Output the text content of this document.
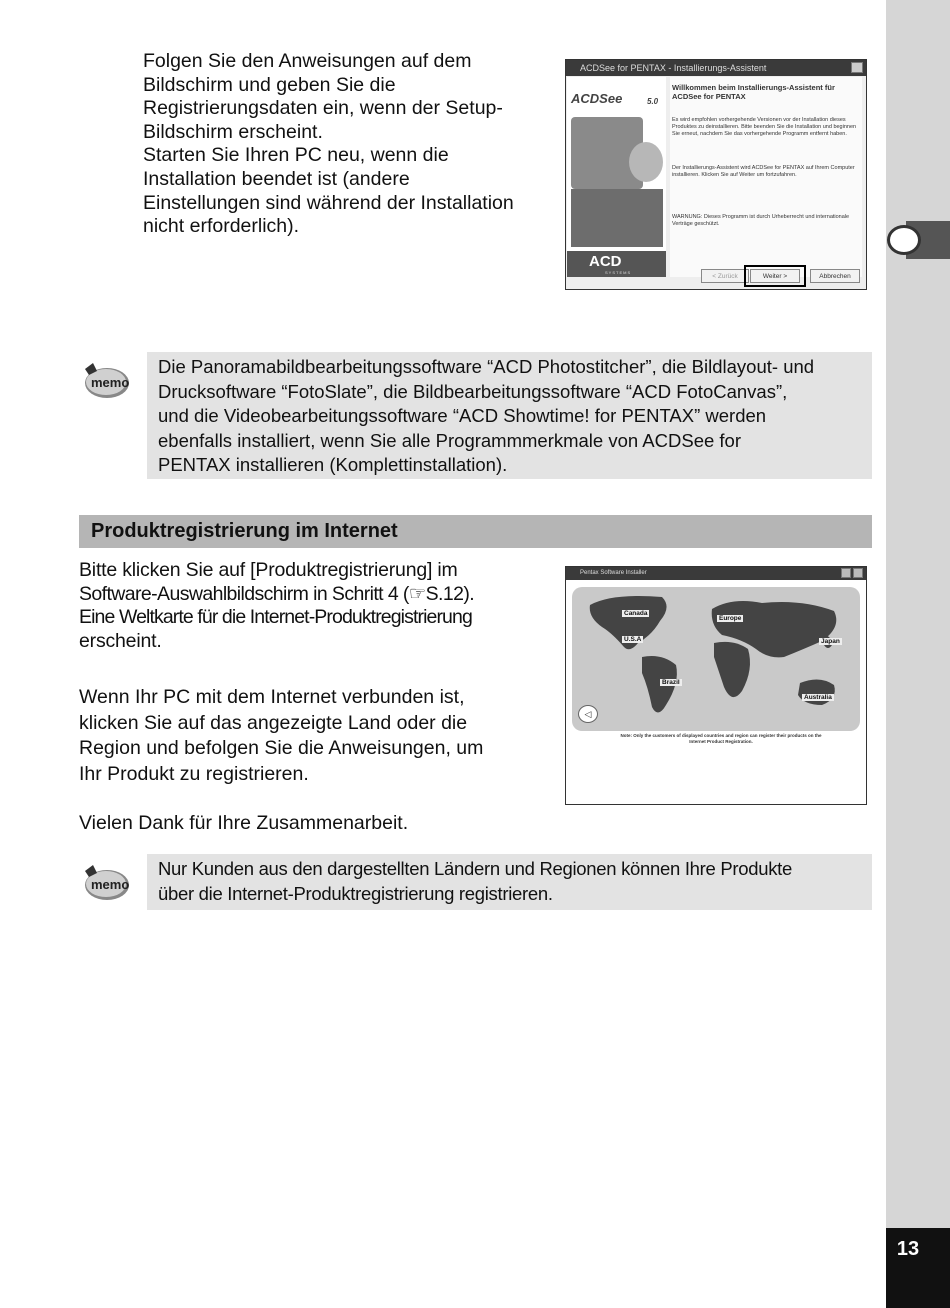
13
Folgen Sie den Anweisungen auf dem
Bildschirm und geben Sie die
Registrierungsdaten ein, wenn der Setup-
Bildschirm erscheint.
Starten Sie Ihren PC neu, wenn die
Installation beendet ist (andere
Einstellungen sind während der Installation
nicht erforderlich).
ACDSee for PENTAX - Installierungs-Assistent
ACDSee	5.0
ACD
SYSTEMS
Willkommen beim Installierungs-Assistent für ACDSee for PENTAX
Es wird empfohlen vorhergehende Versionen vor der Installation dieses Produktes zu deinstallieren. Bitte beenden Sie die Installation und beginnen Sie erneut, nachdem Sie das vorhergehende Programm entfernt haben.
Der Installierungs-Assistent wird ACDSee for PENTAX auf Ihrem Computer installieren. Klicken Sie auf Weiter um fortzufahren.
WARNUNG: Dieses Programm ist durch Urheberrecht und internationale Verträge geschützt.
< Zurück	Weiter >	Abbrechen
memo
Die Panoramabildbearbeitungssoftware “ACD Photostitcher”, die Bildlayout- und
Drucksoftware “FotoSlate”, die Bildbearbeitungssoftware “ACD FotoCanvas”,
und die Videobearbeitungssoftware “ACD Showtime! for PENTAX” werden
ebenfalls installiert, wenn Sie alle Programmmerkmale von ACDSee for
PENTAX installieren (Komplettinstallation).
Produktregistrierung im Internet
Bitte klicken Sie auf [Produktregistrierung] im
Software-Auswahlbildschirm in Schritt 4 (☞S.12).
Eine Weltkarte für die Internet-Produktregistrierung
erscheint.
Wenn Ihr PC mit dem Internet verbunden ist,
klicken Sie auf das angezeigte Land oder die
Region und befolgen Sie die Anweisungen, um
Ihr Produkt zu registrieren.
Vielen Dank für Ihre Zusammenarbeit.
Pentax Software Installer
Canada
Europe
U.S.A	Japan
Brazil
Australia
◁
Note: Only the customers of displayed countries and region can register their products on the Internet Product Registration.
memo
Nur Kunden aus den dargestellten Ländern und Regionen können Ihre Produkte
über die Internet-Produktregistrierung registrieren.
